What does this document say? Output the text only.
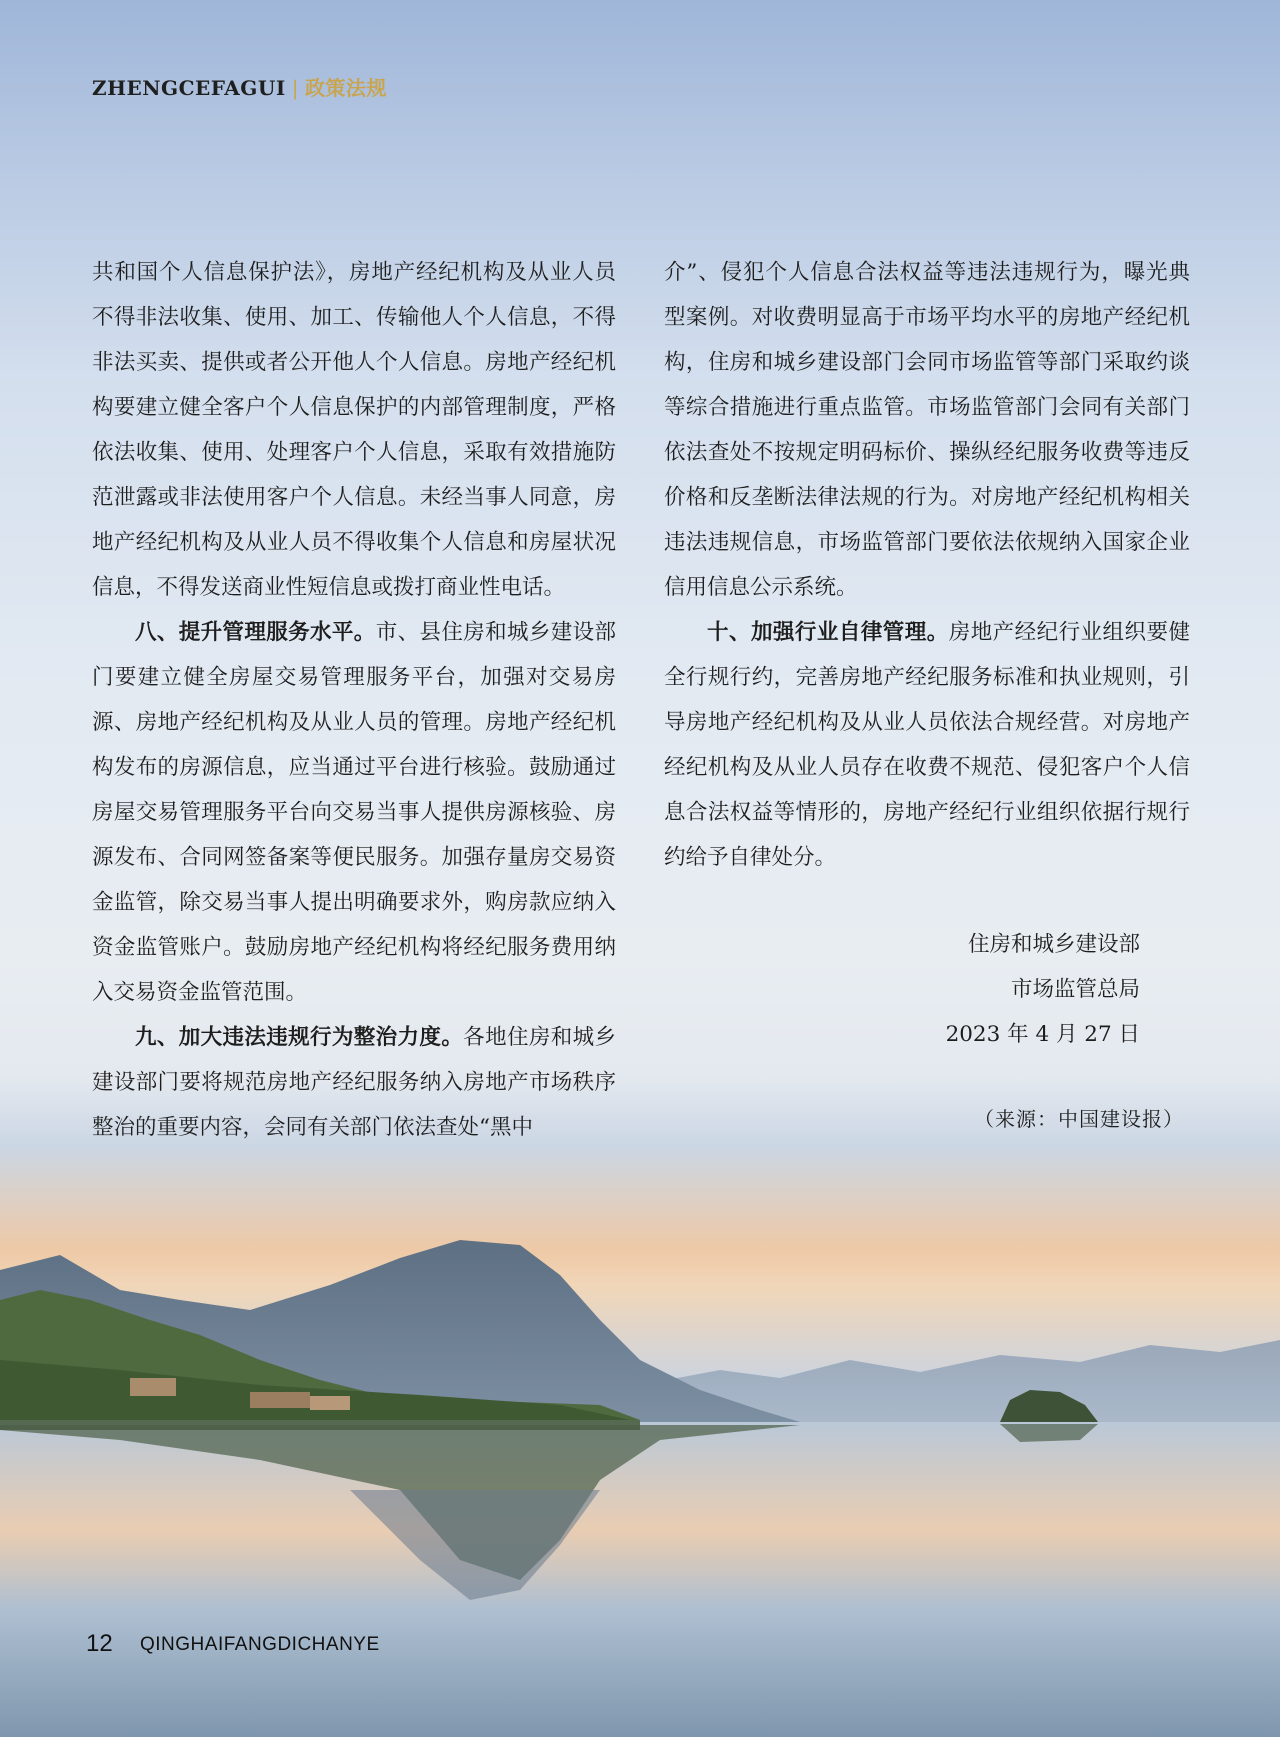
ZHENGCEFAGUI | 政策法规

共和国个人信息保护法》，房地产经纪机构及从业人员不得非法收集、使用、加工、传输他人个人信息，不得非法买卖、提供或者公开他人个人信息。房地产经纪机构要建立健全客户个人信息保护的内部管理制度，严格依法收集、使用、处理客户个人信息，采取有效措施防范泄露或非法使用客户个人信息。未经当事人同意，房地产经纪机构及从业人员不得收集个人信息和房屋状况信息，不得发送商业性短信息或拨打商业性电话。

八、提升管理服务水平。市、县住房和城乡建设部门要建立健全房屋交易管理服务平台，加强对交易房源、房地产经纪机构及从业人员的管理。房地产经纪机构发布的房源信息，应当通过平台进行核验。鼓励通过房屋交易管理服务平台向交易当事人提供房源核验、房源发布、合同网签备案等便民服务。加强存量房交易资金监管，除交易当事人提出明确要求外，购房款应纳入资金监管账户。鼓励房地产经纪机构将经纪服务费用纳入交易资金监管范围。

九、加大违法违规行为整治力度。各地住房和城乡建设部门要将规范房地产经纪服务纳入房地产市场秩序整治的重要内容，会同有关部门依法查处“黑中

介”、侵犯个人信息合法权益等违法违规行为，曝光典型案例。对收费明显高于市场平均水平的房地产经纪机构，住房和城乡建设部门会同市场监管等部门采取约谈等综合措施进行重点监管。市场监管部门会同有关部门依法查处不按规定明码标价、操纵经纪服务收费等违反价格和反垄断法律法规的行为。对房地产经纪机构相关违法违规信息，市场监管部门要依法依规纳入国家企业信用信息公示系统。

十、加强行业自律管理。房地产经纪行业组织要健全行规行约，完善房地产经纪服务标准和执业规则，引导房地产经纪机构及从业人员依法合规经营。对房地产经纪机构及从业人员存在收费不规范、侵犯客户个人信息合法权益等情形的，房地产经纪行业组织依据行规行约给予自律处分。

住房和城乡建设部
市场监管总局
2023 年 4 月 27 日
（来源：中国建设报）
12 QINGHAIFANGDICHANYE
